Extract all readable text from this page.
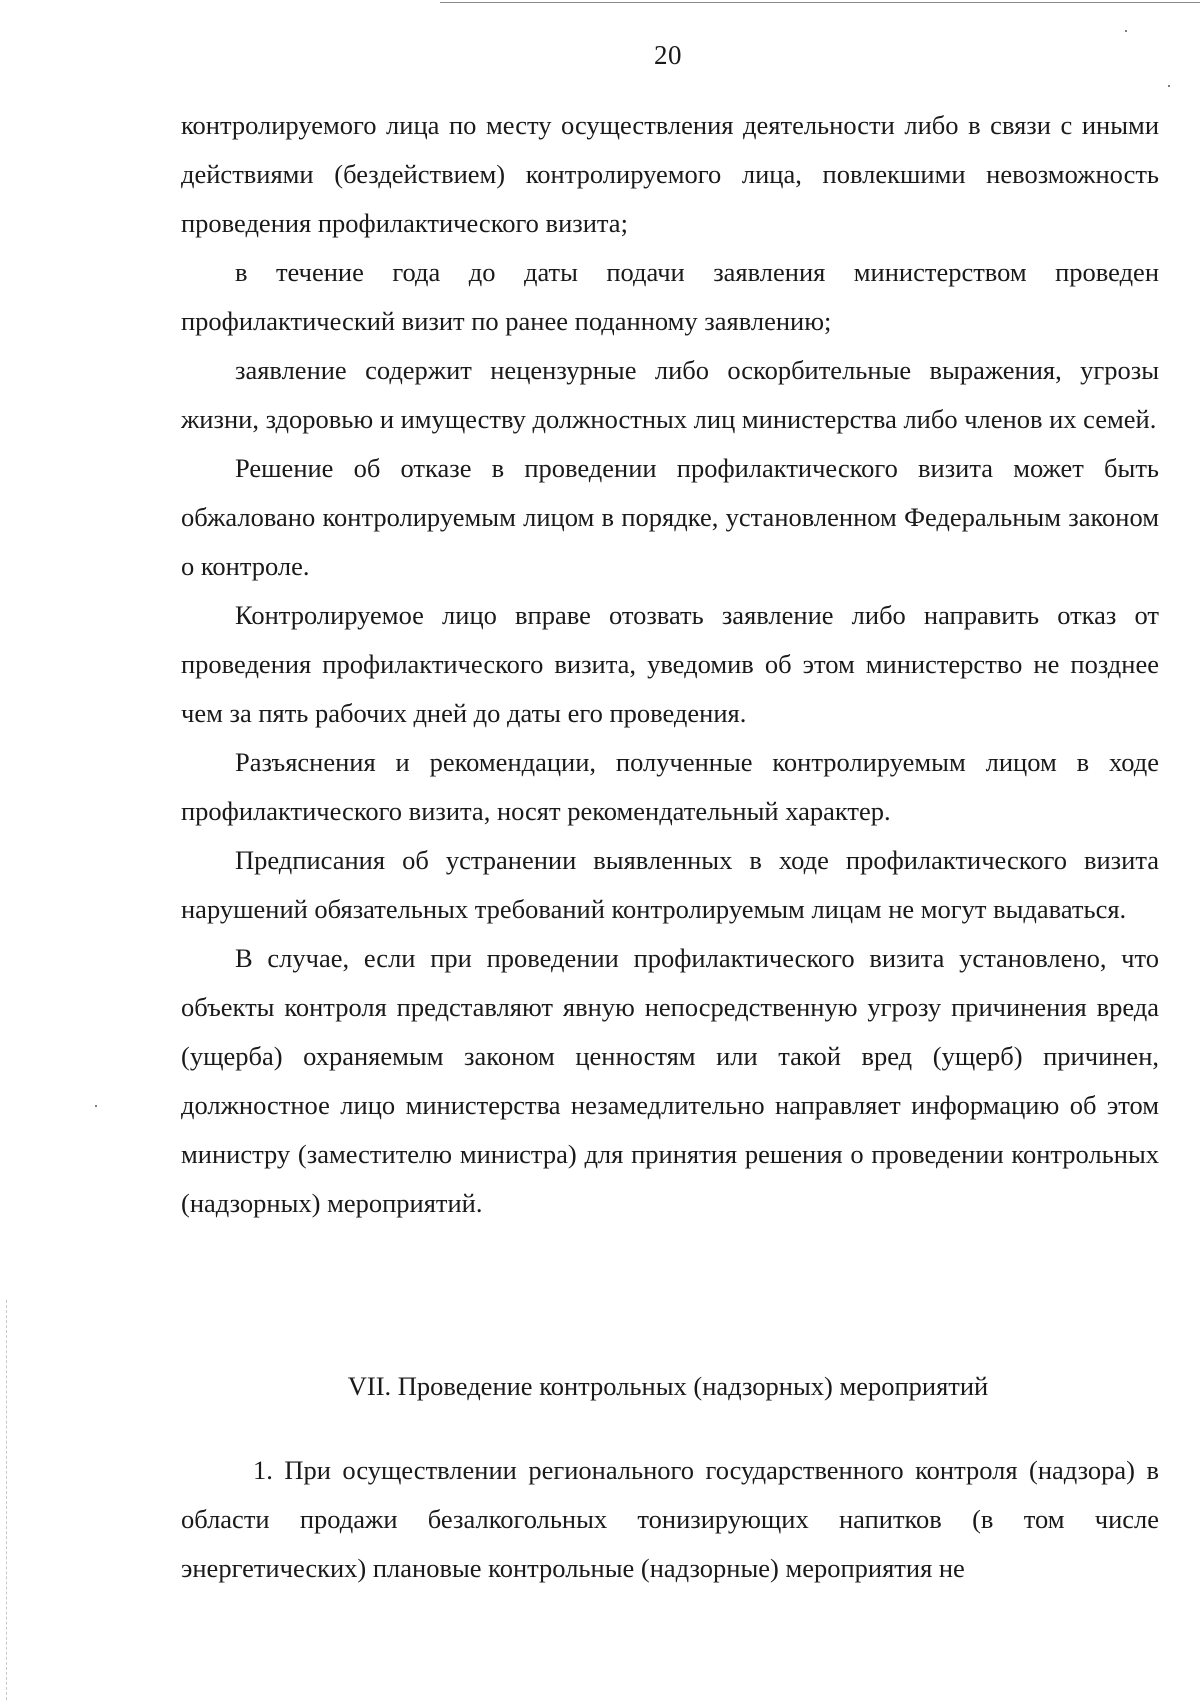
20

контролируемого лица по месту осуществления деятельности либо в связи с иными действиями (бездействием) контролируемого лица, повлекшими невозможность проведения профилактического визита;

в течение года до даты подачи заявления министерством проведен профилактический визит по ранее поданному заявлению;

заявление содержит нецензурные либо оскорбительные выражения, угрозы жизни, здоровью и имуществу должностных лиц министерства либо членов их семей.

Решение об отказе в проведении профилактического визита может быть обжаловано контролируемым лицом в порядке, установленном Федеральным законом о контроле.

Контролируемое лицо вправе отозвать заявление либо направить отказ от проведения профилактического визита, уведомив об этом министерство не позднее чем за пять рабочих дней до даты его проведения.

Разъяснения и рекомендации, полученные контролируемым лицом в ходе профилактического визита, носят рекомендательный характер.

Предписания об устранении выявленных в ходе профилактического визита нарушений обязательных требований контролируемым лицам не могут выдаваться.

В случае, если при проведении профилактического визита установлено, что объекты контроля представляют явную непосредственную угрозу причинения вреда (ущерба) охраняемым законом ценностям или такой вред (ущерб) причинен, должностное лицо министерства незамедлительно направляет информацию об этом министру (заместителю министра) для принятия решения о проведении контрольных (надзорных) мероприятий.

VII. Проведение контрольных (надзорных) мероприятий

1. При осуществлении регионального государственного контроля (надзора) в области продажи безалкогольных тонизирующих напитков (в том числе энергетических) плановые контрольные (надзорные) мероприятия не
